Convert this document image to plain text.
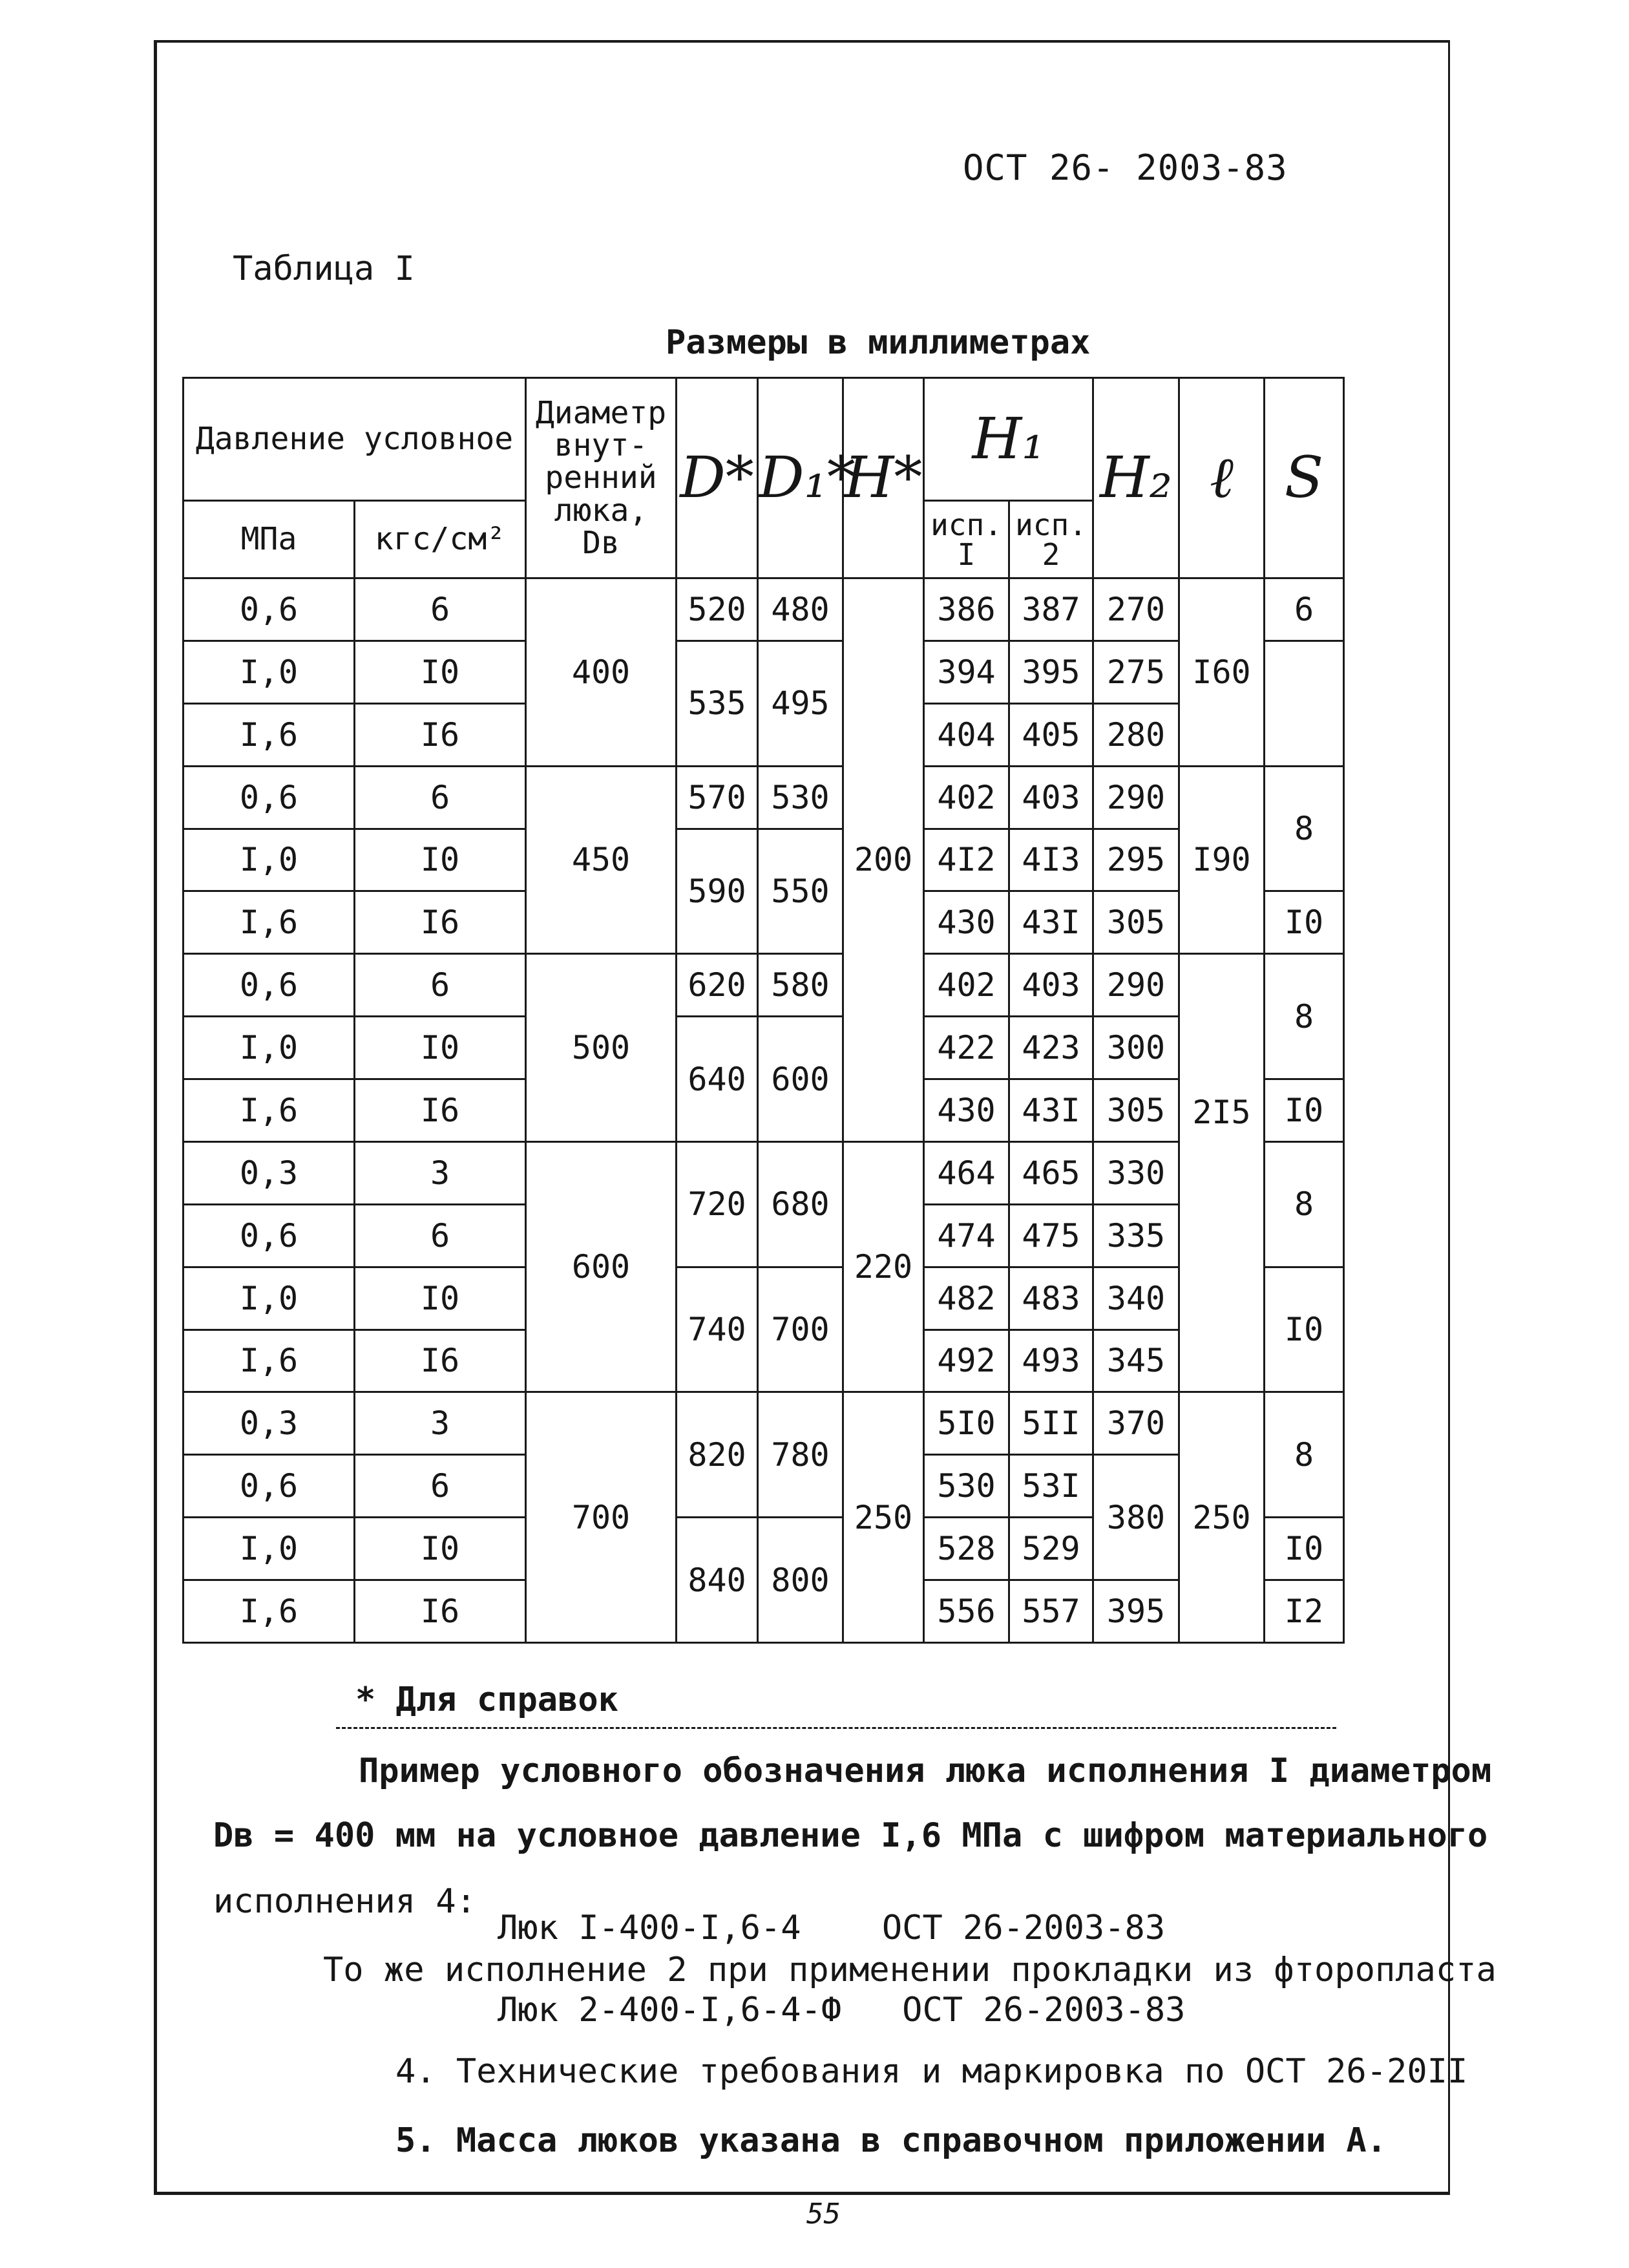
ОСТ 26- 2003-83
Таблица I
Размеры в миллиметрах
Давление условное		Диаметр внут-ренний люка, Dв	D*	D₁*	H*	H₁		H₂	ℓ	S
МПа	кгс/см²					исп. I	исп. 2			
0,6	6	400	520	480	200	386	387	270	I60	6
I,0	I0		535	495		394	395	275		
I,6	I6					404	405	280		
0,6	6	450	570	530		402	403	290	I90	8
I,0	I0		590	550		4I2	4I3	295		
I,6	I6					430	43I	305		I0
0,6	6	500	620	580		402	403	290	2I5	8
I,0	I0		640	600		422	423	300		
I,6	I6					430	43I	305		I0
0,3	3	600	720	680	220	464	465	330		8
0,6	6					474	475	335		
I,0	I0		740	700		482	483	340		I0
I,6	I6					492	493	345		
0,3	3	700	820	780	250	5I0	5II	370	250	8
0,6	6					530	53I	380		
I,0	I0		840	800		528	529			I0
I,6	I6					556	557	395		I2
* Для справок
Пример условного обозначения люка исполнения I диаметром
Dв = 400 мм на условное давление I,6 МПа с шифром материального
исполнения 4:
Люк I-400-I,6-4    ОСТ 26-2003-83
То же исполнение 2 при применении прокладки из фторопласта
Люк 2-400-I,6-4-Ф   ОСТ 26-2003-83
4. Технические требования и маркировка по ОСТ 26-20II
5. Масса люков указана в справочном приложении А.
55
